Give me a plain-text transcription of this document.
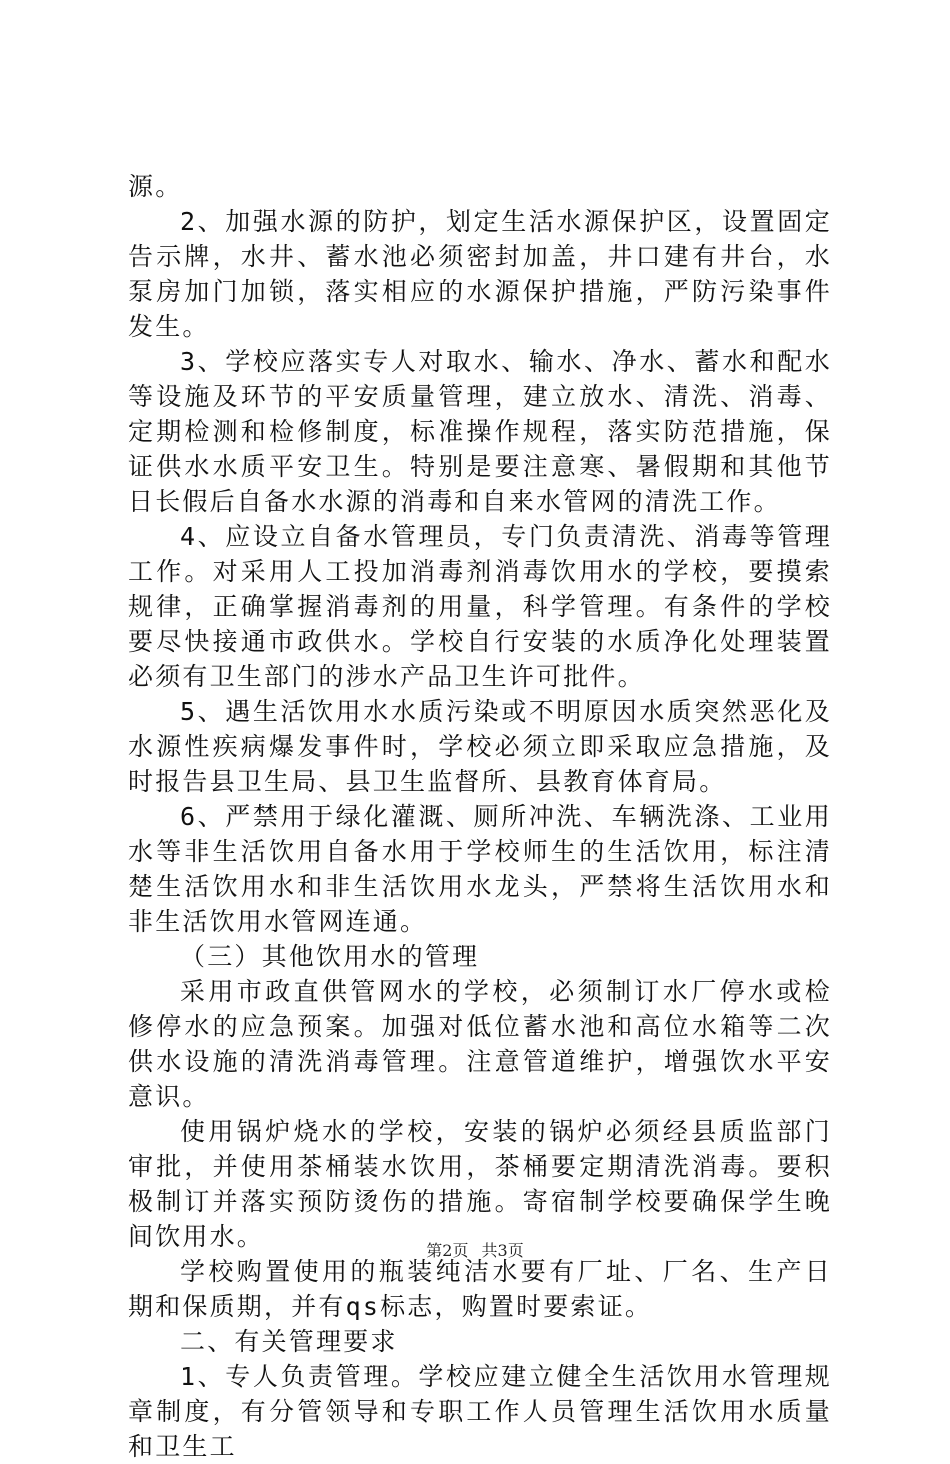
源。

2、加强水源的防护，划定生活水源保护区，设置固定告示牌，水井、蓄水池必须密封加盖，井口建有井台，水泵房加门加锁，落实相应的水源保护措施，严防污染事件发生。

3、学校应落实专人对取水、输水、净水、蓄水和配水等设施及环节的平安质量管理，建立放水、清洗、消毒、定期检测和检修制度，标准操作规程，落实防范措施，保证供水水质平安卫生。特别是要注意寒、暑假期和其他节日长假后自备水水源的消毒和自来水管网的清洗工作。

4、应设立自备水管理员，专门负责清洗、消毒等管理工作。对采用人工投加消毒剂消毒饮用水的学校，要摸索规律，正确掌握消毒剂的用量，科学管理。有条件的学校要尽快接通市政供水。学校自行安装的水质净化处理装置必须有卫生部门的涉水产品卫生许可批件。

5、遇生活饮用水水质污染或不明原因水质突然恶化及水源性疾病爆发事件时，学校必须立即采取应急措施，及时报告县卫生局、县卫生监督所、县教育体育局。

6、严禁用于绿化灌溉、厕所冲洗、车辆洗涤、工业用水等非生活饮用自备水用于学校师生的生活饮用，标注清楚生活饮用水和非生活饮用水龙头，严禁将生活饮用水和非生活饮用水管网连通。

（三）其他饮用水的管理

采用市政直供管网水的学校，必须制订水厂停水或检修停水的应急预案。加强对低位蓄水池和高位水箱等二次供水设施的清洗消毒管理。注意管道维护，增强饮水平安意识。

使用锅炉烧水的学校，安装的锅炉必须经县质监部门审批，并使用茶桶装水饮用，茶桶要定期清洗消毒。要积极制订并落实预防烫伤的措施。寄宿制学校要确保学生晚间饮用水。

学校购置使用的瓶装纯洁水要有厂址、厂名、生产日期和保质期，并有qs标志，购置时要索证。

二、有关管理要求

1、专人负责管理。学校应建立健全生活饮用水管理规章制度，有分管领导和专职工作人员管理生活饮用水质量和卫生工

第2页 共3页
